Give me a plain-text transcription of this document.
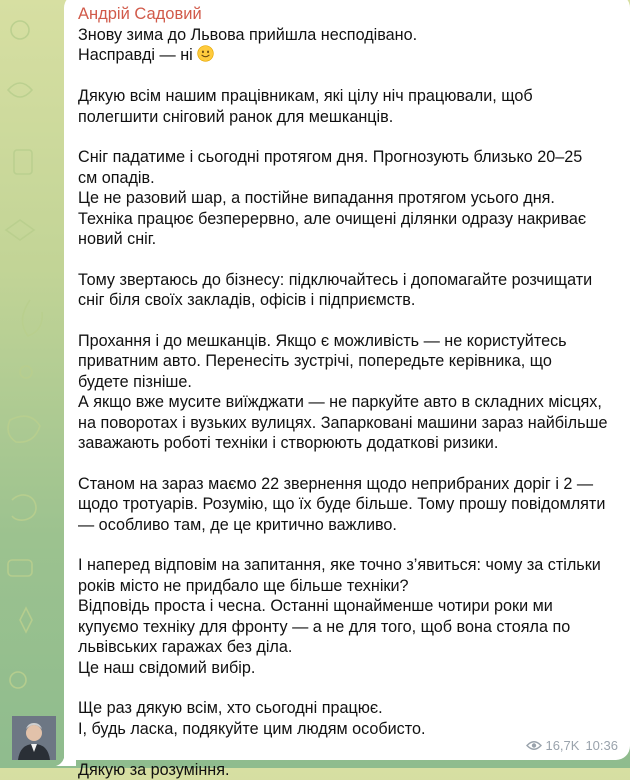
Андрій Садовий
Знову зима до Львова прийшла несподівано.
Насправді — ні
Дякую всім нашим працівникам, які цілу ніч працювали, щоб
полегшити сніговий ранок для мешканців.
Сніг падатиме і сьогодні протягом дня. Прогнозують близько 20–25
см опадів.
Це не разовий шар, а постійне випадання протягом усього дня.
Техніка працює безперервно, але очищені ділянки одразу накриває
новий сніг.
Тому звертаюсь до бізнесу: підключайтесь і допомагайте розчищати
сніг біля своїх закладів, офісів і підприємств.
Прохання і до мешканців. Якщо є можливість — не користуйтесь
приватним авто. Перенесіть зустрічі, попередьте керівника, що
будете пізніше.
А якщо вже мусите виїжджати — не паркуйте авто в складних місцях,
на поворотах і вузьких вулицях. Запарковані машини зараз найбільше
заважають роботі техніки і створюють додаткові ризики.
Станом на зараз маємо 22 звернення щодо неприбраних доріг і 2 —
щодо тротуарів. Розумію, що їх буде більше. Тому прошу повідомляти
— особливо там, де це критично важливо.
І наперед відповім на запитання, яке точно з’явиться: чому за стільки
років місто не придбало ще більше техніки?
Відповідь проста і чесна. Останні щонайменше чотири роки ми
купуємо техніку для фронту — а не для того, щоб вона стояла по
львівських гаражах без діла.
Це наш свідомий вибір.
Ще раз дякую всім, хто сьогодні працює.
І, будь ласка, подякуйте цим людям особисто.
Дякую за розуміння.
16,7K 10:36
